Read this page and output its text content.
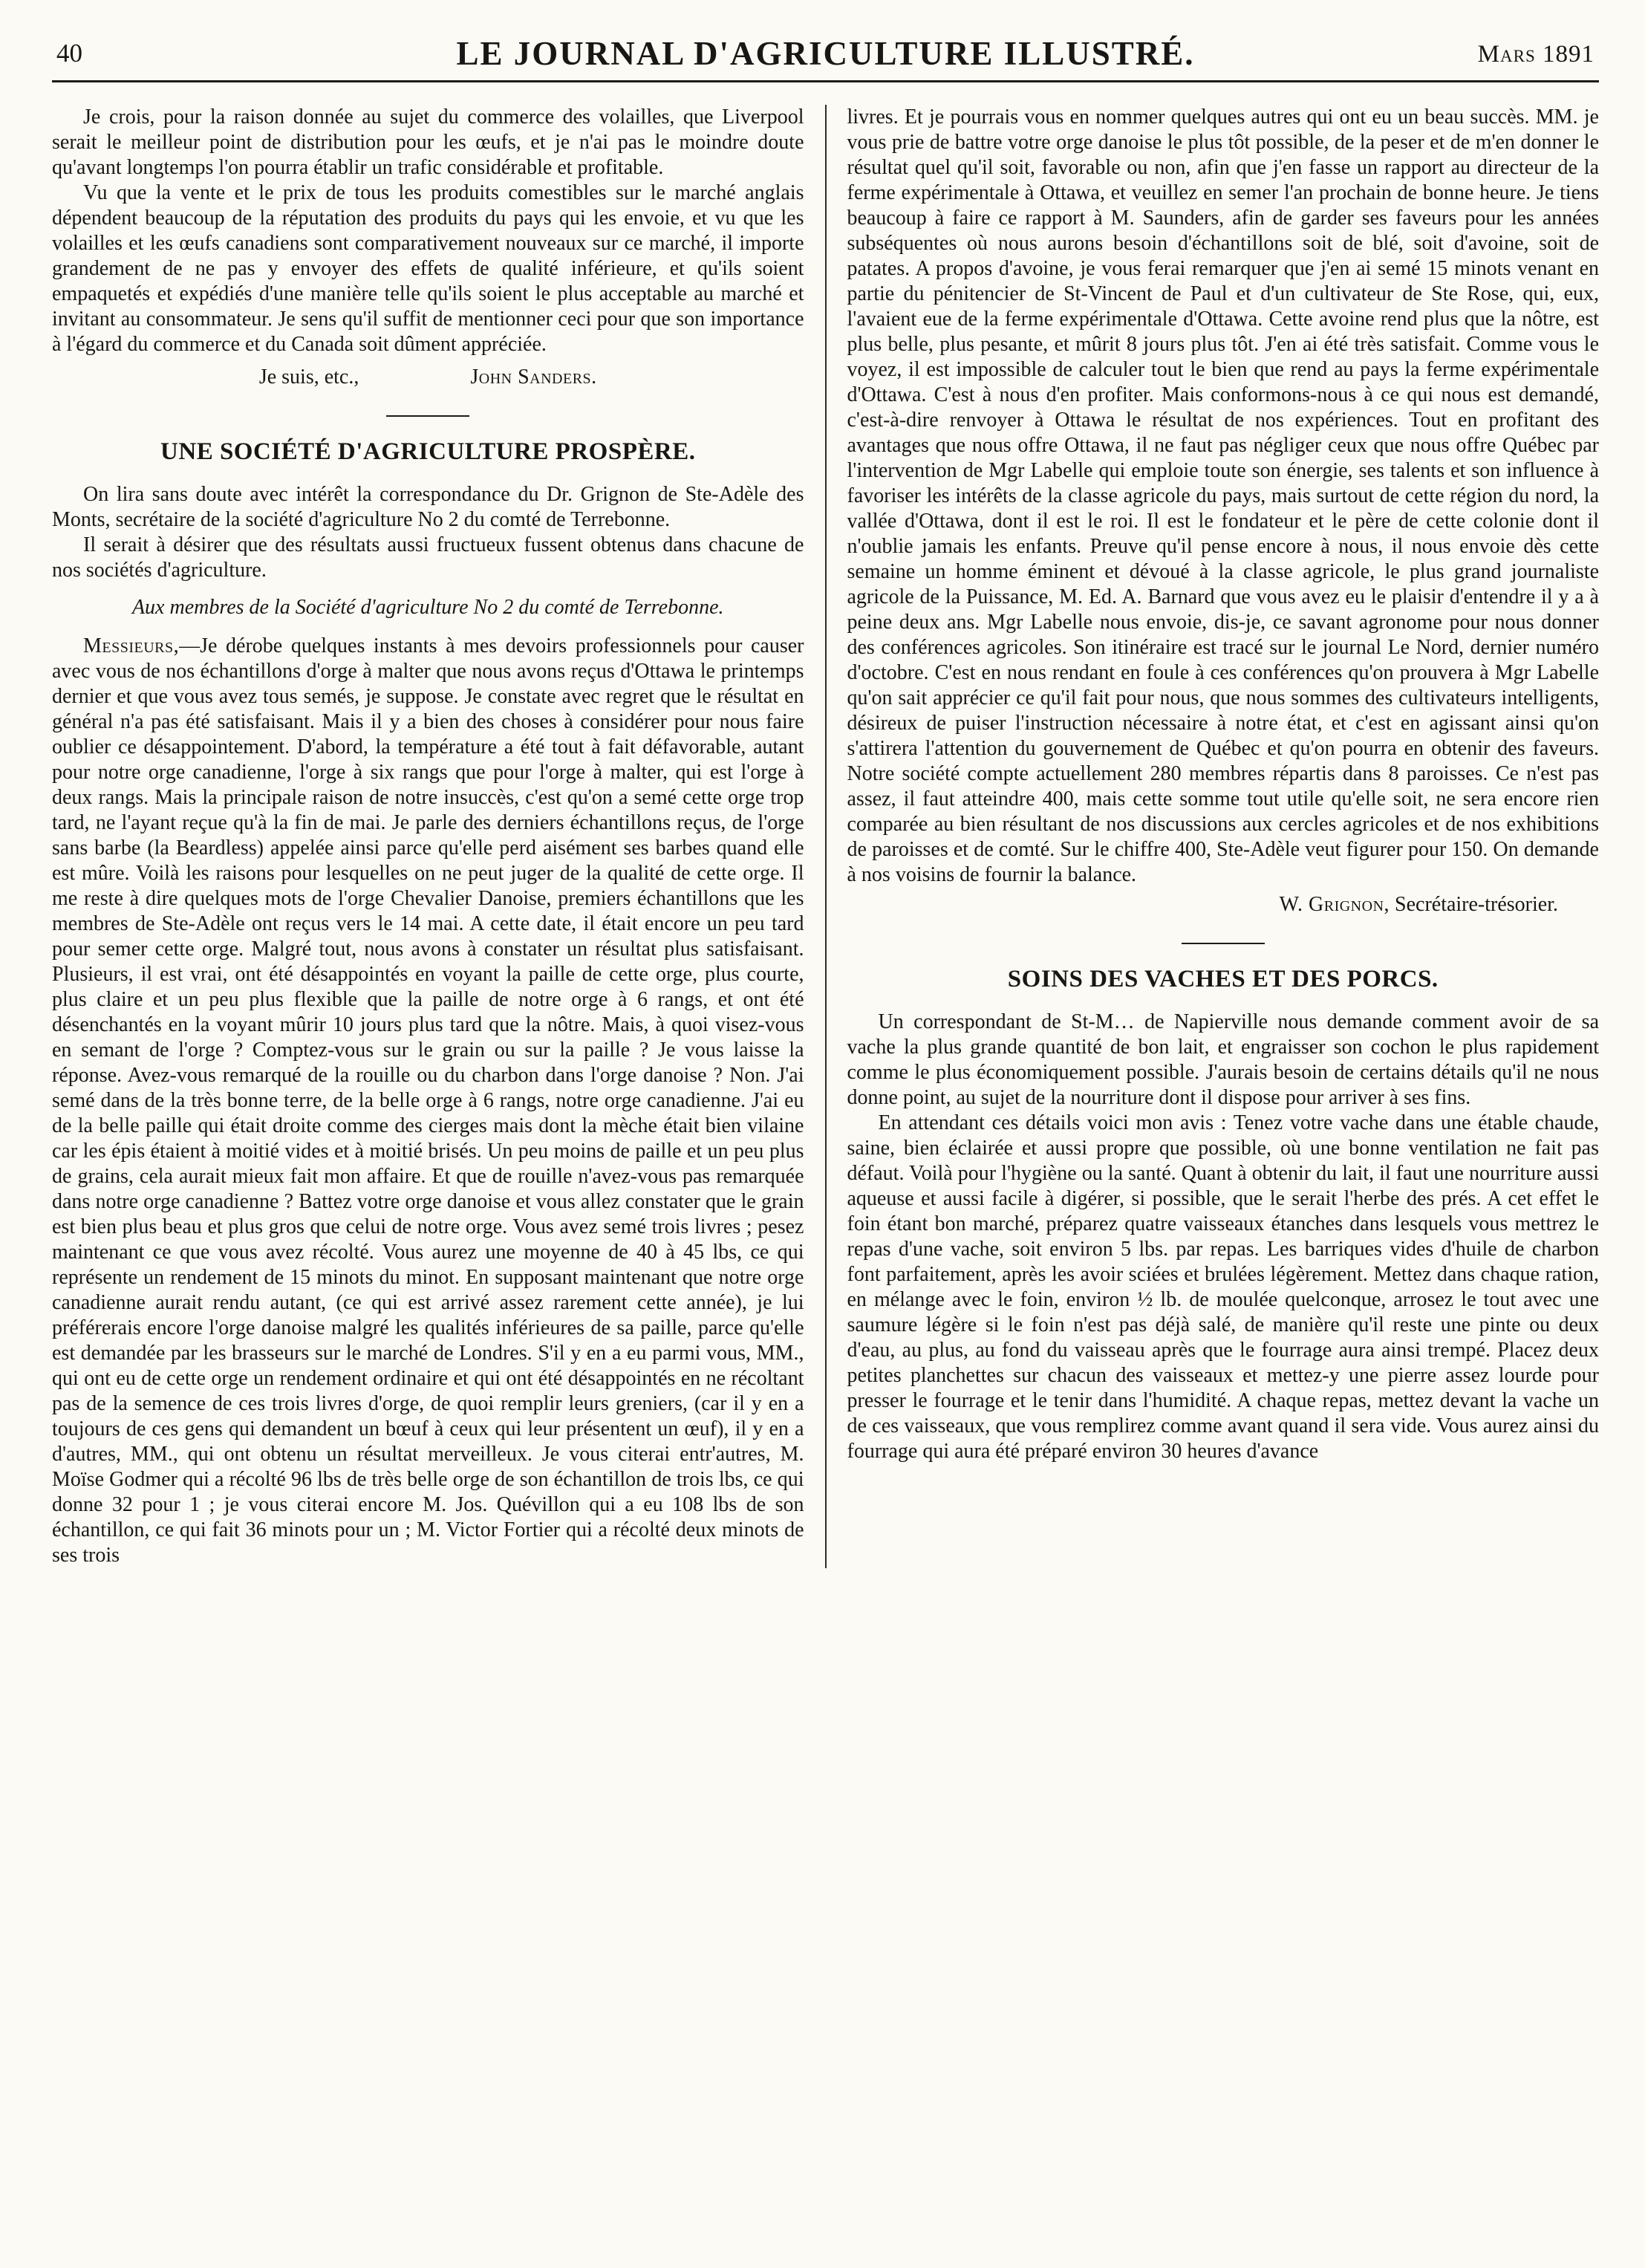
40	LE JOURNAL D'AGRICULTURE ILLUSTRÉ.	Mars 1891

Je crois, pour la raison donnée au sujet du commerce des volailles, que Liverpool serait le meilleur point de distribution pour les œufs, et je n'ai pas le moindre doute qu'avant longtemps l'on pourra établir un trafic considérable et profitable.

Vu que la vente et le prix de tous les produits comestibles sur le marché anglais dépendent beaucoup de la réputation des produits du pays qui les envoie, et vu que les volailles et les œufs canadiens sont comparativement nouveaux sur ce marché, il importe grandement de ne pas y envoyer des effets de qualité inférieure, et qu'ils soient empaquetés et expédiés d'une manière telle qu'ils soient le plus acceptable au marché et invitant au consommateur. Je sens qu'il suffit de mentionner ceci pour que son importance à l'égard du commerce et du Canada soit dûment appréciée.

Je suis, etc.,	John Sanders.
UNE SOCIÉTÉ D'AGRICULTURE PROSPÈRE.

On lira sans doute avec intérêt la correspondance du Dr. Grignon de Ste-Adèle des Monts, secrétaire de la société d'agriculture No 2 du comté de Terrebonne.

Il serait à désirer que des résultats aussi fructueux fussent obtenus dans chacune de nos sociétés d'agriculture.

Aux membres de la Société d'agriculture No 2 du comté de Terrebonne.

Messieurs,—Je dérobe quelques instants à mes devoirs professionnels pour causer avec vous de nos échantillons d'orge à malter que nous avons reçus d'Ottawa le printemps dernier et que vous avez tous semés, je suppose. Je constate avec regret que le résultat en général n'a pas été satisfaisant. Mais il y a bien des choses à considérer pour nous faire oublier ce désappointement. D'abord, la température a été tout à fait défavorable, autant pour notre orge canadienne, l'orge à six rangs que pour l'orge à malter, qui est l'orge à deux rangs. Mais la principale raison de notre insuccès, c'est qu'on a semé cette orge trop tard, ne l'ayant reçue qu'à la fin de mai. Je parle des derniers échantillons reçus, de l'orge sans barbe (la Beardless) appelée ainsi parce qu'elle perd aisément ses barbes quand elle est mûre. Voilà les raisons pour lesquelles on ne peut juger de la qualité de cette orge. Il me reste à dire quelques mots de l'orge Chevalier Danoise, premiers échantillons que les membres de Ste-Adèle ont reçus vers le 14 mai. A cette date, il était encore un peu tard pour semer cette orge. Malgré tout, nous avons à constater un résultat plus satisfaisant. Plusieurs, il est vrai, ont été désappointés en voyant la paille de cette orge, plus courte, plus claire et un peu plus flexible que la paille de notre orge à 6 rangs, et ont été désenchantés en la voyant mûrir 10 jours plus tard que la nôtre. Mais, à quoi visez-vous en semant de l'orge ? Comptez-vous sur le grain ou sur la paille ? Je vous laisse la réponse. Avez-vous remarqué de la rouille ou du charbon dans l'orge danoise ? Non. J'ai semé dans de la très bonne terre, de la belle orge à 6 rangs, notre orge canadienne. J'ai eu de la belle paille qui était droite comme des cierges mais dont la mèche était bien vilaine car les épis étaient à moitié vides et à moitié brisés. Un peu moins de paille et un peu plus de grains, cela aurait mieux fait mon affaire. Et que de rouille n'avez-vous pas remarquée dans notre orge canadienne ? Battez votre orge danoise et vous allez constater que le grain est bien plus beau et plus gros que celui de notre orge. Vous avez semé trois livres ; pesez maintenant ce que vous avez récolté. Vous aurez une moyenne de 40 à 45 lbs, ce qui représente un rendement de 15 minots du minot. En supposant maintenant que notre orge canadienne aurait rendu autant, (ce qui est arrivé assez rarement cette année), je lui préférerais encore l'orge danoise malgré les qualités inférieures de sa paille, parce qu'elle est demandée par les brasseurs sur le marché de Londres. S'il y en a eu parmi vous, MM., qui ont eu de cette orge un rendement ordinaire et qui ont été désappointés en ne récoltant pas de la semence de ces trois livres d'orge, de quoi remplir leurs greniers, (car il y en a toujours de ces gens qui demandent un bœuf à ceux qui leur présentent un œuf), il y en a d'autres, MM., qui ont obtenu un résultat merveilleux. Je vous citerai entr'autres, M. Moïse Godmer qui a récolté 96 lbs de très belle orge de son échantillon de trois lbs, ce qui donne 32 pour 1 ; je vous citerai encore M. Jos. Quévillon qui a eu 108 lbs de son échantillon, ce qui fait 36 minots pour un ; M. Victor Fortier qui a récolté deux minots de ses trois

livres. Et je pourrais vous en nommer quelques autres qui ont eu un beau succès. MM. je vous prie de battre votre orge danoise le plus tôt possible, de la peser et de m'en donner le résultat quel qu'il soit, favorable ou non, afin que j'en fasse un rapport au directeur de la ferme expérimentale à Ottawa, et veuillez en semer l'an prochain de bonne heure. Je tiens beaucoup à faire ce rapport à M. Saunders, afin de garder ses faveurs pour les années subséquentes où nous aurons besoin d'échantillons soit de blé, soit d'avoine, soit de patates. A propos d'avoine, je vous ferai remarquer que j'en ai semé 15 minots venant en partie du pénitencier de St-Vincent de Paul et d'un cultivateur de Ste Rose, qui, eux, l'avaient eue de la ferme expérimentale d'Ottawa. Cette avoine rend plus que la nôtre, est plus belle, plus pesante, et mûrit 8 jours plus tôt. J'en ai été très satisfait. Comme vous le voyez, il est impossible de calculer tout le bien que rend au pays la ferme expérimentale d'Ottawa. C'est à nous d'en profiter. Mais conformons-nous à ce qui nous est demandé, c'est-à-dire renvoyer à Ottawa le résultat de nos expériences. Tout en profitant des avantages que nous offre Ottawa, il ne faut pas négliger ceux que nous offre Québec par l'intervention de Mgr Labelle qui emploie toute son énergie, ses talents et son influence à favoriser les intérêts de la classe agricole du pays, mais surtout de cette région du nord, la vallée d'Ottawa, dont il est le roi. Il est le fondateur et le père de cette colonie dont il n'oublie jamais les enfants. Preuve qu'il pense encore à nous, il nous envoie dès cette semaine un homme éminent et dévoué à la classe agricole, le plus grand journaliste agricole de la Puissance, M. Ed. A. Barnard que vous avez eu le plaisir d'entendre il y a à peine deux ans. Mgr Labelle nous envoie, dis-je, ce savant agronome pour nous donner des conférences agricoles. Son itinéraire est tracé sur le journal Le Nord, dernier numéro d'octobre. C'est en nous rendant en foule à ces conférences qu'on prouvera à Mgr Labelle qu'on sait apprécier ce qu'il fait pour nous, que nous sommes des cultivateurs intelligents, désireux de puiser l'instruction nécessaire à notre état, et c'est en agissant ainsi qu'on s'attirera l'attention du gouvernement de Québec et qu'on pourra en obtenir des faveurs. Notre société compte actuellement 280 membres répartis dans 8 paroisses. Ce n'est pas assez, il faut atteindre 400, mais cette somme tout utile qu'elle soit, ne sera encore rien comparée au bien résultant de nos discussions aux cercles agricoles et de nos exhibitions de paroisses et de comté. Sur le chiffre 400, Ste-Adèle veut figurer pour 150. On demande à nos voisins de fournir la balance.

W. Grignon, Secrétaire-trésorier.

SOINS DES VACHES ET DES PORCS.

Un correspondant de St-M… de Napierville nous demande comment avoir de sa vache la plus grande quantité de bon lait, et engraisser son cochon le plus rapidement comme le plus économiquement possible. J'aurais besoin de certains détails qu'il ne nous donne point, au sujet de la nourriture dont il dispose pour arriver à ses fins.

En attendant ces détails voici mon avis : Tenez votre vache dans une étable chaude, saine, bien éclairée et aussi propre que possible, où une bonne ventilation ne fait pas défaut. Voilà pour l'hygiène ou la santé. Quant à obtenir du lait, il faut une nourriture aussi aqueuse et aussi facile à digérer, si possible, que le serait l'herbe des prés. A cet effet le foin étant bon marché, préparez quatre vaisseaux étanches dans lesquels vous mettrez le repas d'une vache, soit environ 5 lbs. par repas. Les barriques vides d'huile de charbon font parfaitement, après les avoir sciées et brulées légèrement. Mettez dans chaque ration, en mélange avec le foin, environ ½ lb. de moulée quelconque, arrosez le tout avec une saumure légère si le foin n'est pas déjà salé, de manière qu'il reste une pinte ou deux d'eau, au plus, au fond du vaisseau après que le fourrage aura ainsi trempé. Placez deux petites planchettes sur chacun des vaisseaux et mettez-y une pierre assez lourde pour presser le fourrage et le tenir dans l'humidité. A chaque repas, mettez devant la vache un de ces vaisseaux, que vous remplirez comme avant quand il sera vide. Vous aurez ainsi du fourrage qui aura été préparé environ 30 heures d'avance
